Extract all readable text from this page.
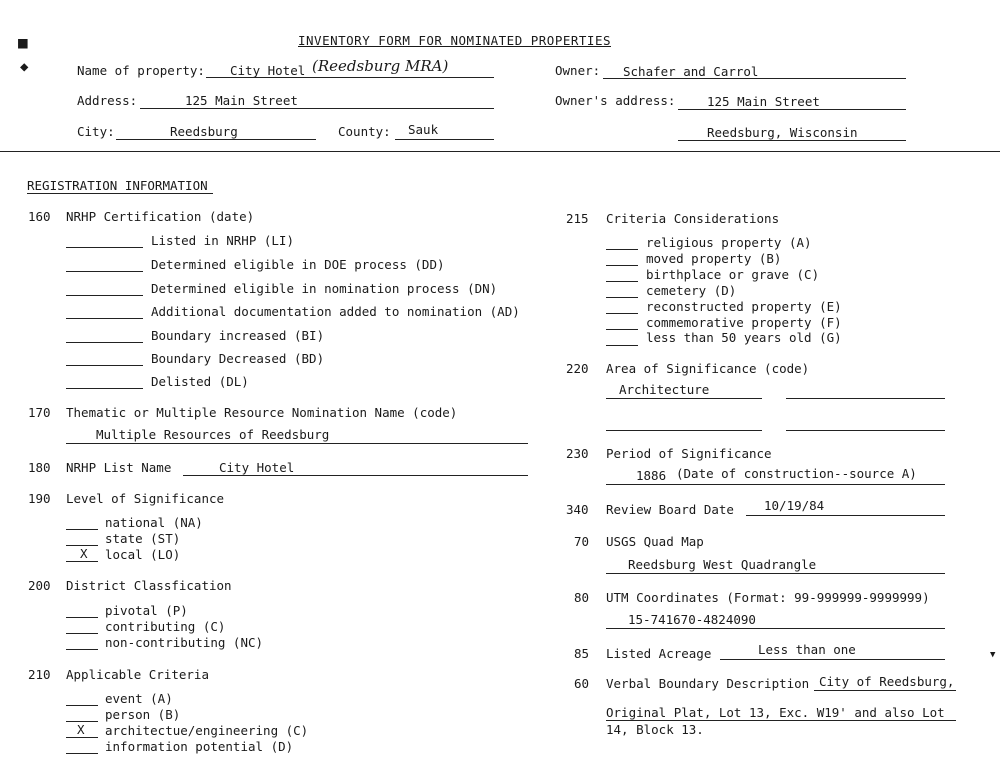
■
◆
INVENTORY FORM FOR NOMINATED PROPERTIES
Name of property: City Hotel (Reedsburg MRA)	Owner: Schafer and Carrol
Address:	125 Main Street	Owner's address:	125 Main Street
City:	Reedsburg	County: Sauk	Reedsburg, Wisconsin
REGISTRATION INFORMATION
160 NRHP Certification (date)
Listed in NRHP (LI)
Determined eligible in DOE process (DD)
Determined eligible in nomination process (DN)
Additional documentation added to nomination (AD)
Boundary increased (BI)
Boundary Decreased (BD)
Delisted (DL)
170 Thematic or Multiple Resource Nomination Name (code)
Multiple Resources of Reedsburg
180 NRHP List Name	City Hotel
190 Level of Significance
national (NA)
state (ST)
X local (LO)
200 District Classfication
pivotal (P)
contributing (C)
non-contributing (NC)
210 Applicable Criteria
event (A)
person (B)
X architectue/engineering (C)
information potential (D)
215 Criteria Considerations
religious property (A)
moved property (B)
birthplace or grave (C)
cemetery (D)
reconstructed property (E)
commemorative property (F)
less than 50 years old (G)
220 Area of Significance (code)
Architecture
230 Period of Significance
1886 (Date of construction--source A)
340 Review Board Date 10/19/84
70 USGS Quad Map
Reedsburg West Quadrangle
80 UTM Coordinates (Format: 99-999999-9999999)
15-741670-4824090
85 Listed Acreage	Less than one
60 Verbal Boundary Description City of Reedsburg,
Original Plat, Lot 13, Exc. W19' and also Lot
14, Block 13.
▼
